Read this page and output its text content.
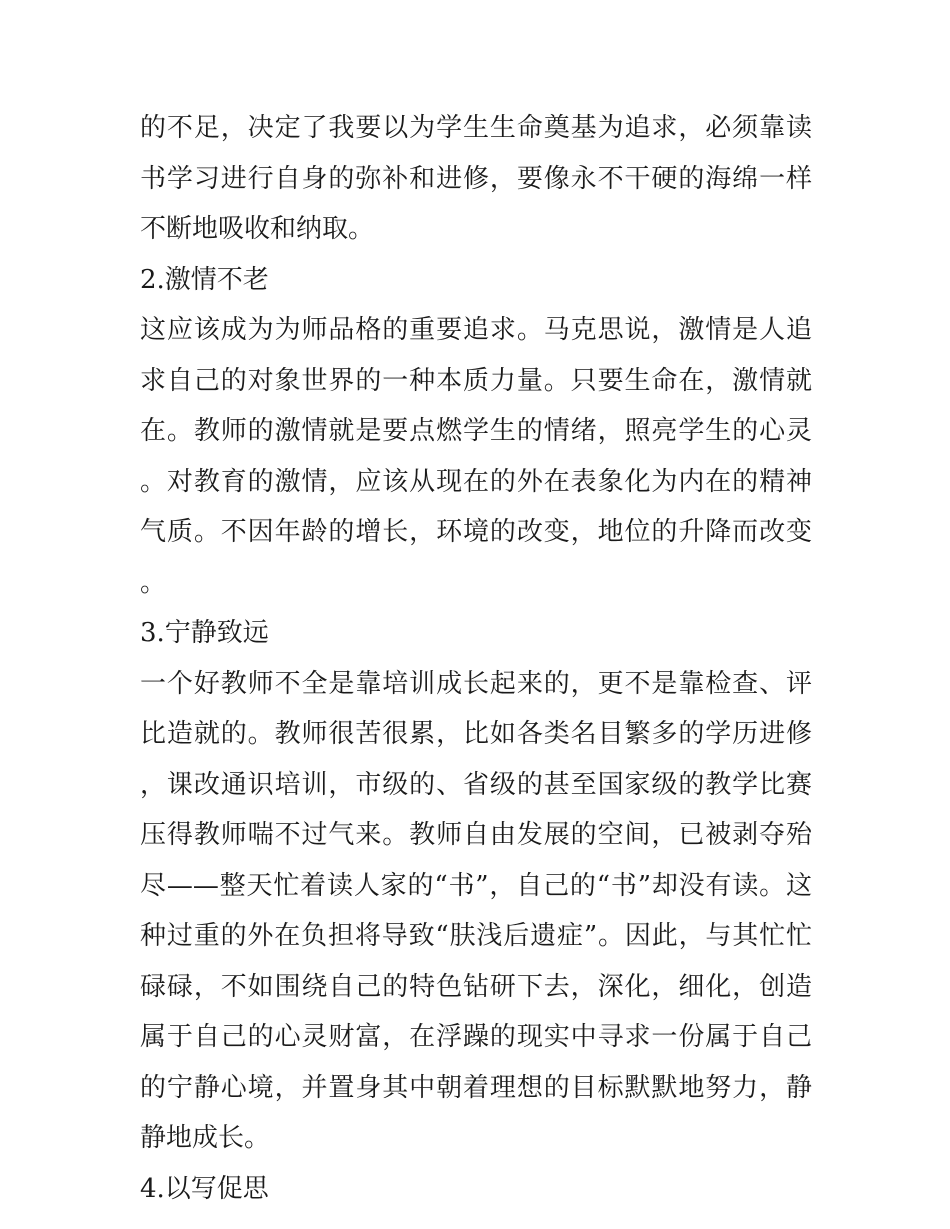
的不足，决定了我要以为学生生命奠基为追求，必须靠读书学习进行自身的弥补和进修，要像永不干硬的海绵一样不断地吸收和纳取。

2.激情不老

这应该成为为师品格的重要追求。马克思说，激情是人追求自己的对象世界的一种本质力量。只要生命在，激情就在。教师的激情就是要点燃学生的情绪，照亮学生的心灵。对教育的激情，应该从现在的外在表象化为内在的精神气质。不因年龄的增长，环境的改变，地位的升降而改变。

3.宁静致远

一个好教师不全是靠培训成长起来的，更不是靠检查、评比造就的。教师很苦很累，比如各类名目繁多的学历进修，课改通识培训，市级的、省级的甚至国家级的教学比赛压得教师喘不过气来。教师自由发展的空间，已被剥夺殆尽——整天忙着读人家的“书”，自己的“书”却没有读。这种过重的外在负担将导致“肤浅后遗症”。因此，与其忙忙碌碌，不如围绕自己的特色钻研下去，深化，细化，创造属于自己的心灵财富，在浮躁的现实中寻求一份属于自己的宁静心境，并置身其中朝着理想的目标默默地努力，静静地成长。

4.以写促思
